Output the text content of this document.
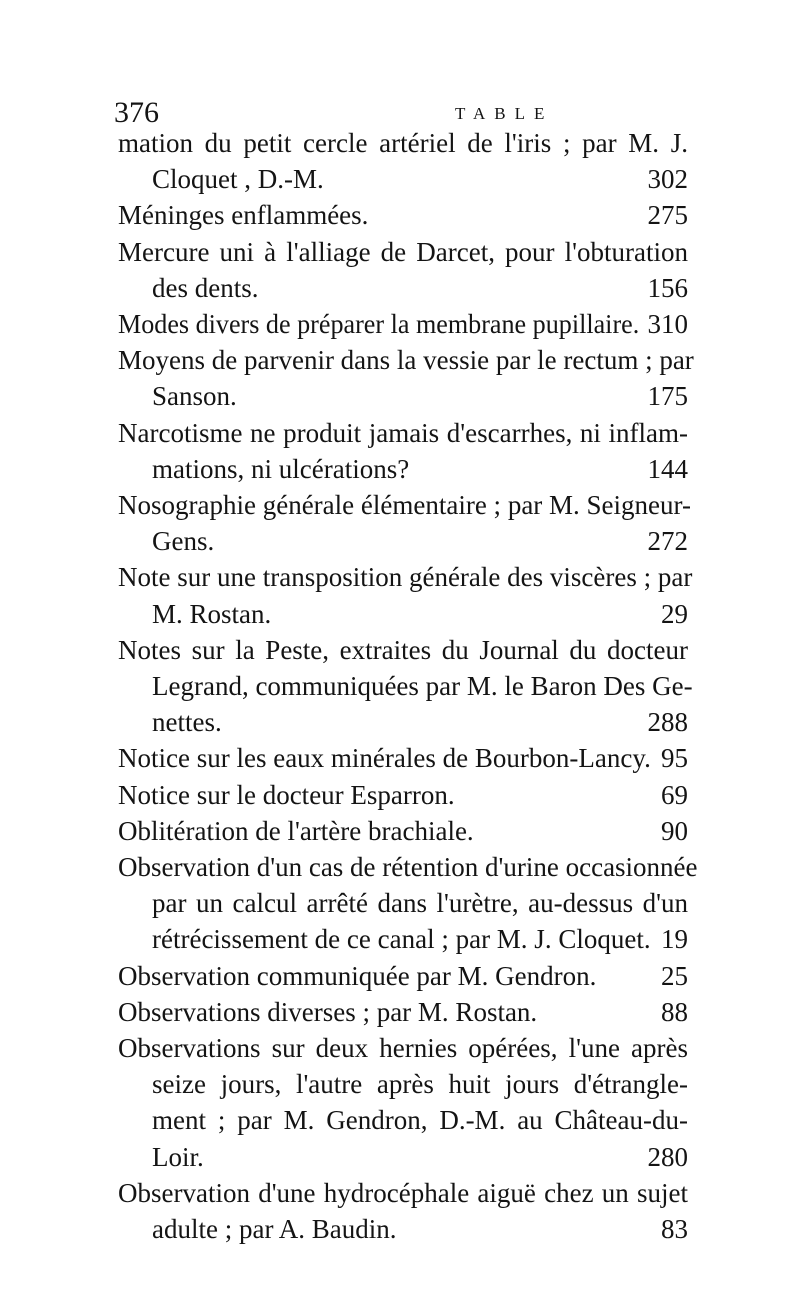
376	TABLE
mation du petit cercle artériel de l'iris ; par M. J.
Cloquet , D.-M.	302
Méninges enflammées.	275
Mercure uni à l'alliage de Darcet, pour l'obturation
des dents.	156
Modes divers de préparer la membrane pupillaire. 310
Moyens de parvenir dans la vessie par le rectum ; par
Sanson.	175
Narcotisme ne produit jamais d'escarrhes, ni inflam-
mations, ni ulcérations?	144
Nosographie générale élémentaire ; par M. Seigneur-
Gens.	272
Note sur une transposition générale des viscères ; par
M. Rostan.	29
Notes sur la Peste, extraites du Journal du docteur
Legrand, communiquées par M. le Baron Des Ge-
nettes.	288
Notice sur les eaux minérales de Bourbon-Lancy. 95
Notice sur le docteur Esparron.	69
Oblitération de l'artère brachiale.	90
Observation d'un cas de rétention d'urine occasionnée
par un calcul arrêté dans l'urètre, au-dessus d'un
rétrécissement de ce canal ; par M. J. Cloquet. 19
Observation communiquée par M. Gendron. 25
Observations diverses ; par M. Rostan.	88
Observations sur deux hernies opérées, l'une après
seize jours, l'autre après huit jours d'étrangle-
ment ; par M. Gendron, D.-M. au Château-du-
Loir.	280
Observation d'une hydrocéphale aiguë chez un sujet
adulte ; par A. Baudin.	83
